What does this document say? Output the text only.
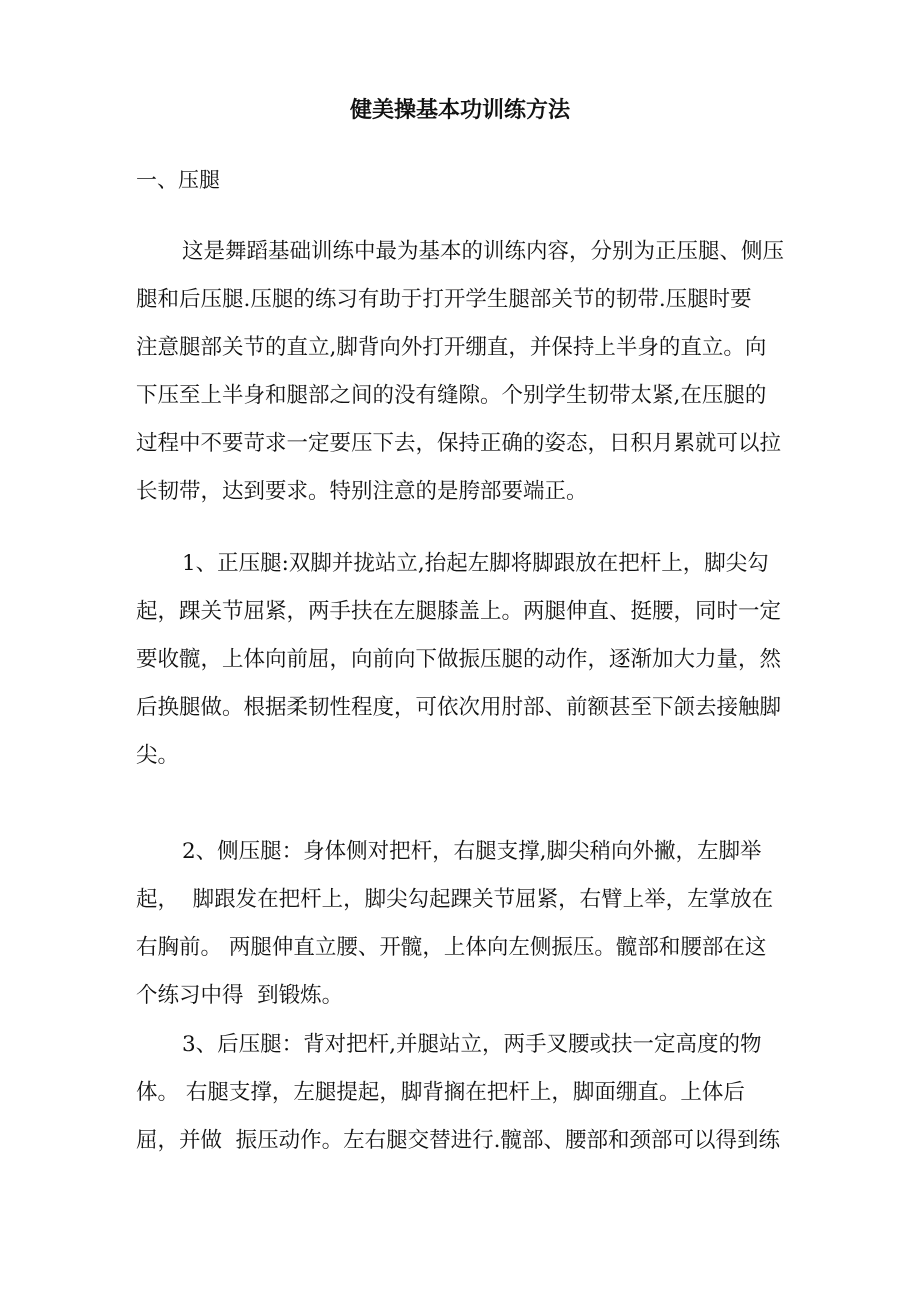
健美操基本功训练方法
一、压腿
这是舞蹈基础训练中最为基本的训练内容，分别为正压腿、侧压
腿和后压腿.压腿的练习有助于打开学生腿部关节的韧带.压腿时要
注意腿部关节的直立,脚背向外打开绷直，并保持上半身的直立。向
下压至上半身和腿部之间的没有缝隙。个别学生韧带太紧,在压腿的
过程中不要苛求一定要压下去，保持正确的姿态，日积月累就可以拉
长韧带，达到要求。特别注意的是胯部要端正。
1、正压腿:双脚并拢站立,抬起左脚将脚跟放在把杆上，脚尖勾
起，踝关节屈紧，两手扶在左腿膝盖上。两腿伸直、挺腰，同时一定
要收髋，上体向前屈，向前向下做振压腿的动作，逐渐加大力量，然
后换腿做。根据柔韧性程度，可依次用肘部、前额甚至下颌去接触脚
尖。
2、侧压腿：身体侧对把杆，右腿支撑,脚尖稍向外撇，左脚举
起，  脚跟发在把杆上，脚尖勾起踝关节屈紧，右臂上举，左掌放在
右胸前。 两腿伸直立腰、开髋，上体向左侧振压。髋部和腰部在这
个练习中得  到锻炼。
3、后压腿：背对把杆,并腿站立，两手叉腰或扶一定高度的物
体。 右腿支撑，左腿提起，脚背搁在把杆上，脚面绷直。上体后
屈，并做  振压动作。左右腿交替进行.髋部、腰部和颈部可以得到练
